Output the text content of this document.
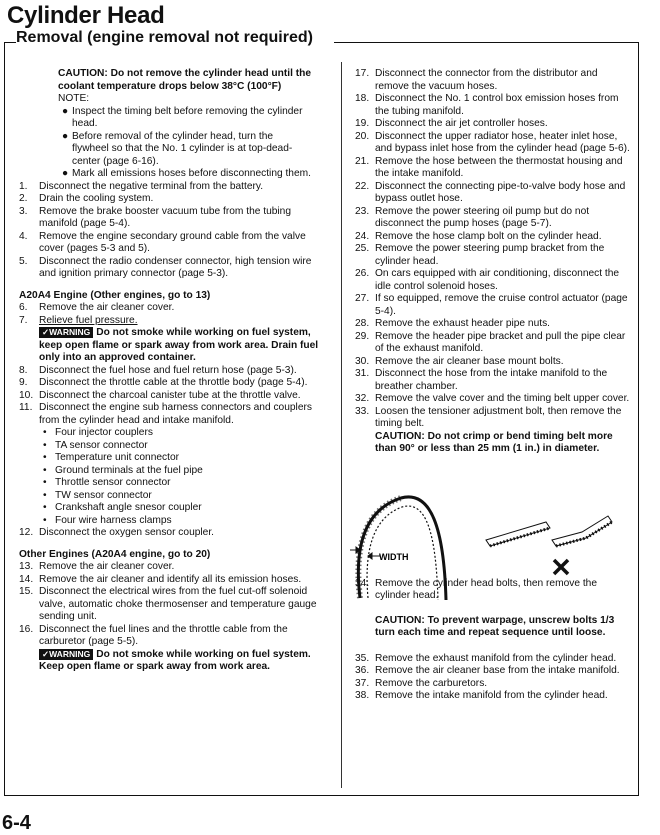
Cylinder Head
Removal (engine removal not required)
CAUTION: Do not remove the cylinder head until the coolant temperature drops below 38°C (100°F)
NOTE:
● Inspect the timing belt before removing the cylinder head.
● Before removal of the cylinder head, turn the flywheel so that the No. 1 cylinder is at top-dead-center (page 6-16).
● Mark all emissions hoses before disconnecting them.
1.	Disconnect the negative terminal from the battery.
2.	Drain the cooling system.
3.	Remove the brake booster vacuum tube from the tubing manifold (page 5-4).
4.	Remove the engine secondary ground cable from the valve cover (pages 5-3 and 5).
5.	Disconnect the radio condenser connector, high tension wire and ignition primary connector (page 5-3).
A20A4 Engine (Other engines, go to 13)
6.	Remove the air cleaner cover.
7.	Relieve fuel pressure.
✓WARNING Do not smoke while working on fuel system, keep open flame or spark away from work area. Drain fuel only into an approved container.
8.	Disconnect the fuel hose and fuel return hose (page 5-3).
9.	Disconnect the throttle cable at the throttle body (page 5-4).
10. Disconnect the charcoal canister tube at the throttle valve.
11. Disconnect the engine sub harness connectors and couplers from the cylinder head and intake manifold.
• Four injector couplers
• TA sensor connector
• Temperature unit connector
• Ground terminals at the fuel pipe
• Throttle sensor connector
• TW sensor connector
• Crankshaft angle snesor coupler
• Four wire harness clamps
12. Disconnect the oxygen sensor coupler.
Other Engines (A20A4 engine, go to 20)
13. Remove the air cleaner cover.
14. Remove the air cleaner and identify all its emission hoses.
15. Disconnect the electrical wires from the fuel cut-off solenoid valve, automatic choke thermosenser and temperature gauge sending unit.
16. Disconnect the fuel lines and the throttle cable from the carburetor (page 5-5).
✓WARNING Do not smoke while working on fuel system. Keep open flame or spark away from work area.
17. Disconnect the connector from the distributor and remove the vacuum hoses.
18. Disconnect the No. 1 control box emission hoses from the tubing manifold.
19. Disconnect the air jet controller hoses.
20. Disconnect the upper radiator hose, heater inlet hose, and bypass inlet hose from the cylinder head (page 5-6).
21. Remove the hose between the thermostat housing and the intake manifold.
22. Disconnect the connecting pipe-to-valve body hose and bypass outlet hose.
23. Remove the power steering oil pump but do not disconnect the pump hoses (page 5-7).
24. Remove the hose clamp bolt on the cylinder head.
25. Remove the power steering pump bracket from the cylinder head.
26. On cars equipped with air conditioning, disconnect the idle control solenoid hoses.
27. If so equipped, remove the cruise control actuator (page 5-4).
28. Remove the exhaust header pipe nuts.
29. Remove the header pipe bracket and pull the pipe clear of the exhaust manifold.
30. Remove the air cleaner base mount bolts.
31. Disconnect the hose from the intake manifold to the breather chamber.
32. Remove the valve cover and the timing belt upper cover.
33. Loosen the tensioner adjustment bolt, then remove the timing belt.
CAUTION: Do not crimp or bend timing belt more than 90° or less than 25 mm (1 in.) in diameter.
34. Remove the cylinder head bolts, then remove the cylinder head.
CAUTION: To prevent warpage, unscrew bolts 1/3 turn each time and repeat sequence until loose.
35. Remove the exhaust manifold from the cylinder head.
36. Remove the air cleaner base from the intake manifold.
37. Remove the carburetors.
38. Remove the intake manifold from the cylinder head.
WIDTH
6-4
